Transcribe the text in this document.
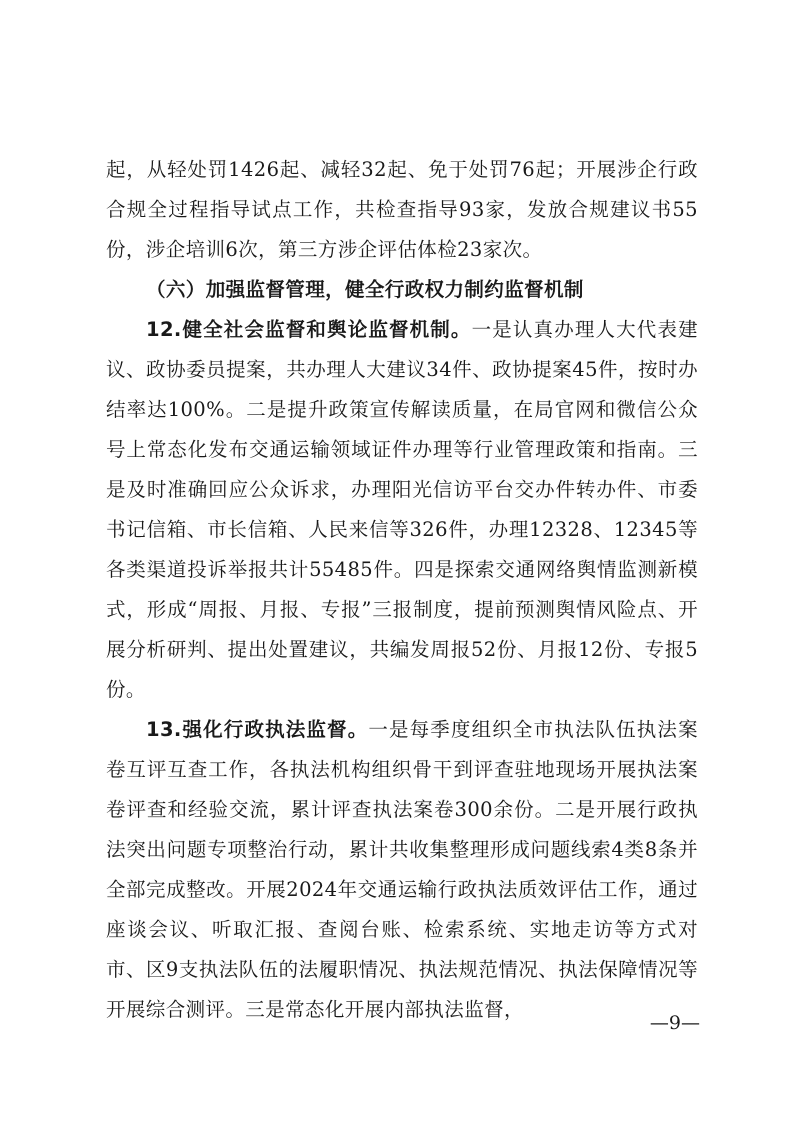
起，从轻处罚1426起、减轻32起、免于处罚76起；开展涉企行政合规全过程指导试点工作，共检查指导93家，发放合规建议书55份，涉企培训6次，第三方涉企评估体检23家次。

（六）加强监督管理，健全行政权力制约监督机制

12.健全社会监督和舆论监督机制。一是认真办理人大代表建议、政协委员提案，共办理人大建议34件、政协提案45件，按时办结率达100%。二是提升政策宣传解读质量，在局官网和微信公众号上常态化发布交通运输领域证件办理等行业管理政策和指南。三是及时准确回应公众诉求，办理阳光信访平台交办件转办件、市委书记信箱、市长信箱、人民来信等326件，办理12328、12345等各类渠道投诉举报共计55485件。四是探索交通网络舆情监测新模式，形成“周报、月报、专报”三报制度，提前预测舆情风险点、开展分析研判、提出处置建议，共编发周报52份、月报12份、专报5份。

13.强化行政执法监督。一是每季度组织全市执法队伍执法案卷互评互查工作，各执法机构组织骨干到评查驻地现场开展执法案卷评查和经验交流，累计评查执法案卷300余份。二是开展行政执法突出问题专项整治行动，累计共收集整理形成问题线索4类8条并全部完成整改。开展2024年交通运输行政执法质效评估工作，通过座谈会议、听取汇报、查阅台账、检索系统、实地走访等方式对市、区9支执法队伍的法履职情况、执法规范情况、执法保障情况等开展综合测评。三是常态化开展内部执法监督，

—9—
